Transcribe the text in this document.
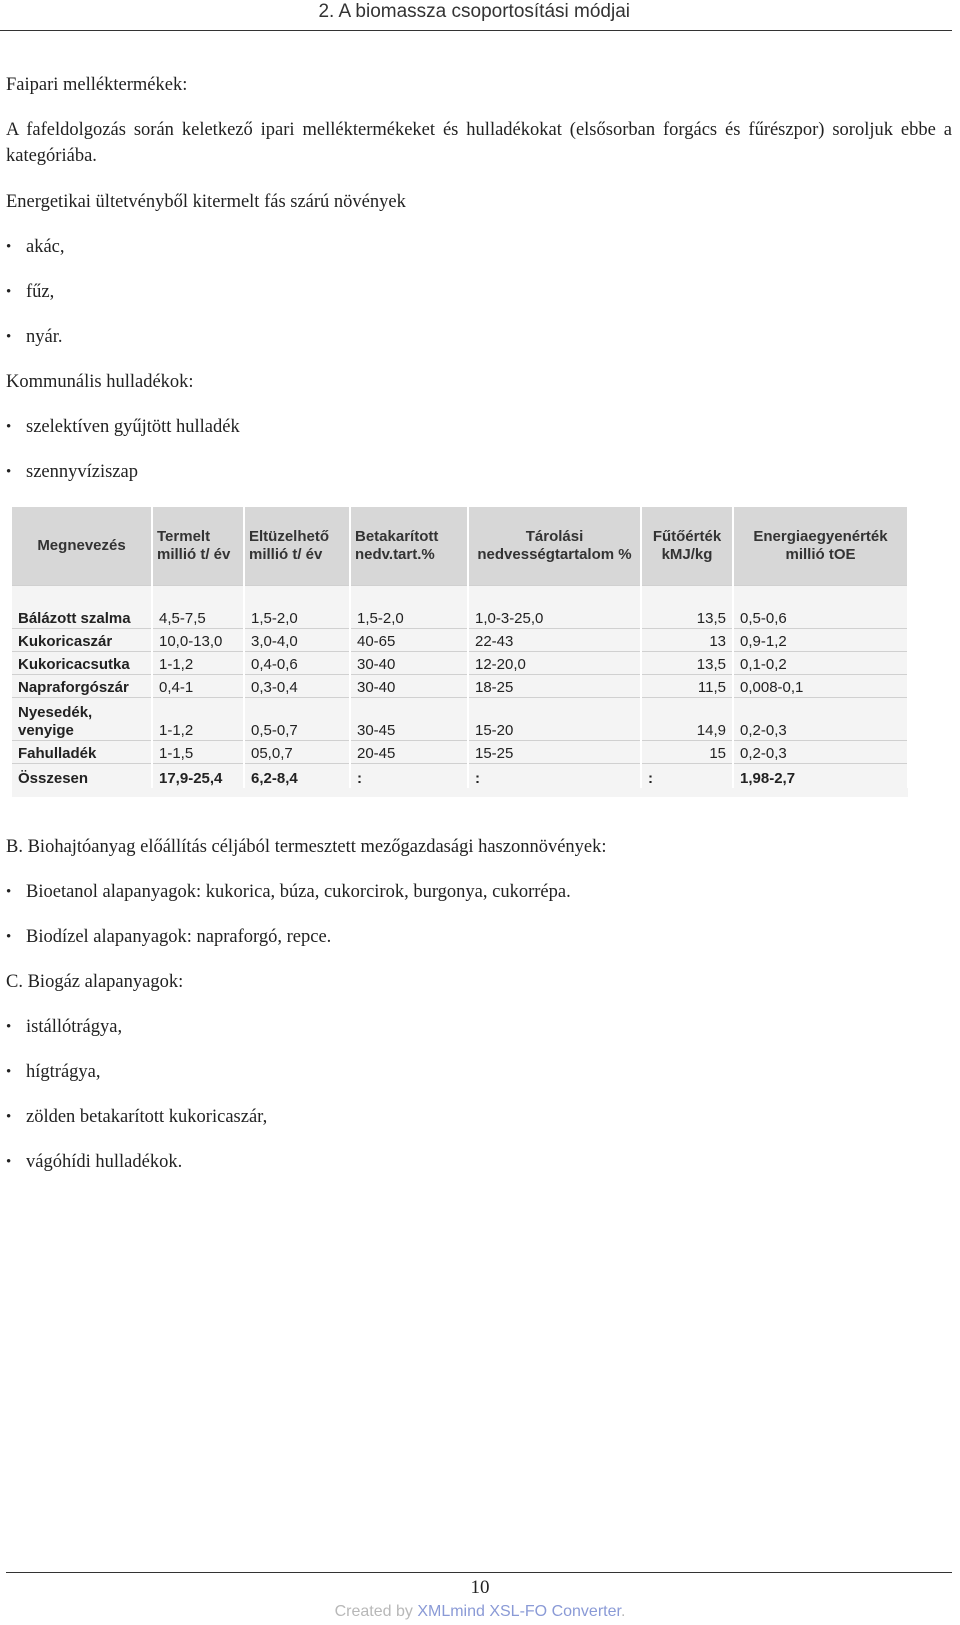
2. A biomassza csoportosítási módjai

Faipari melléktermékek:

A fafeldolgozás során keletkező ipari melléktermékeket és hulladékokat (elsősorban forgács és fűrészpor) soroljuk ebbe a kategóriába.

Energetikai ültetvényből kitermelt fás szárú növények

• akác,
• fűz,
• nyár.

Kommunális hulladékok:

• szelektíven gyűjtött hulladék
• szennyvíziszap
Megnevezés	Termelt millió t/ év	Eltüzelhető millió t/ év	Betakarított nedv.tart.%	Tárolási nedvességtartalom %	Fűtőérték kMJ/kg	Energiaegyenérték millió tOE
Bálázott szalma	4,5-7,5	1,5-2,0	1,5-2,0	1,0-3-25,0	13,5	0,5-0,6
Kukoricaszár	10,0-13,0	3,0-4,0	40-65	22-43	13	0,9-1,2
Kukoricacsutka	1-1,2	0,4-0,6	30-40	12-20,0	13,5	0,1-0,2
Napraforgószár	0,4-1	0,3-0,4	30-40	18-25	11,5	0,008-0,1
Nyesedék, venyige	1-1,2	0,5-0,7	30-45	15-20	14,9	0,2-0,3
Fahulladék	1-1,5	05,0,7	20-45	15-25	15	0,2-0,3
Összesen	17,9-25,4	6,2-8,4	:	:	:	1,98-2,7

B. Biohajtóanyag előállítás céljából termesztett mezőgazdasági haszonnövények:

• Bioetanol alapanyagok: kukorica, búza, cukorcirok, burgonya, cukorrépa.
• Biodízel alapanyagok: napraforgó, repce.

C. Biogáz alapanyagok:

• istállótrágya,
• hígtrágya,
• zölden betakarított kukoricaszár,
• vágóhídi hulladékok.
10
Created by XMLmind XSL-FO Converter.
